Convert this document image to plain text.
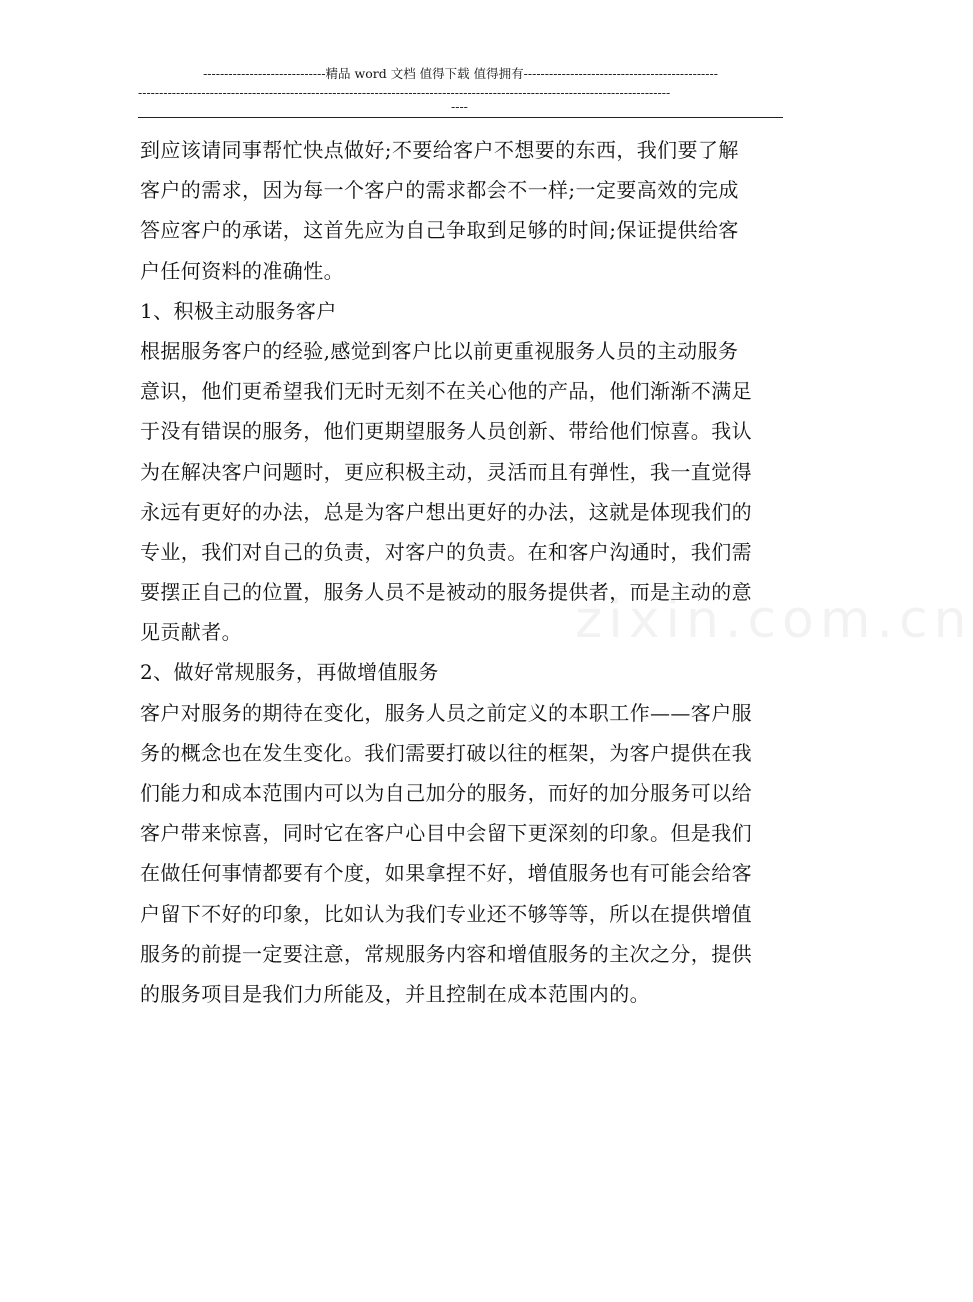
-----------------------------精品 word 文档 值得下载 值得拥有----------------------------------------------
------------------------------------------------------------------------------------------------------------------------------
----
zixin.com.cn
到应该请同事帮忙快点做好;不要给客户不想要的东西，我们要了解
客户的需求，因为每一个客户的需求都会不一样;一定要高效的完成
答应客户的承诺，这首先应为自己争取到足够的时间;保证提供给客
户任何资料的准确性。
1、积极主动服务客户
根据服务客户的经验,感觉到客户比以前更重视服务人员的主动服务
意识，他们更希望我们无时无刻不在关心他的产品，他们渐渐不满足
于没有错误的服务，他们更期望服务人员创新、带给他们惊喜。我认
为在解决客户问题时，更应积极主动，灵活而且有弹性，我一直觉得
永远有更好的办法，总是为客户想出更好的办法，这就是体现我们的
专业，我们对自己的负责，对客户的负责。在和客户沟通时，我们需
要摆正自己的位置，服务人员不是被动的服务提供者，而是主动的意
见贡献者。
2、做好常规服务，再做增值服务
客户对服务的期待在变化，服务人员之前定义的本职工作——客户服
务的概念也在发生变化。我们需要打破以往的框架，为客户提供在我
们能力和成本范围内可以为自己加分的服务，而好的加分服务可以给
客户带来惊喜，同时它在客户心目中会留下更深刻的印象。但是我们
在做任何事情都要有个度，如果拿捏不好，增值服务也有可能会给客
户留下不好的印象，比如认为我们专业还不够等等，所以在提供增值
服务的前提一定要注意，常规服务内容和增值服务的主次之分，提供
的服务项目是我们力所能及，并且控制在成本范围内的。
